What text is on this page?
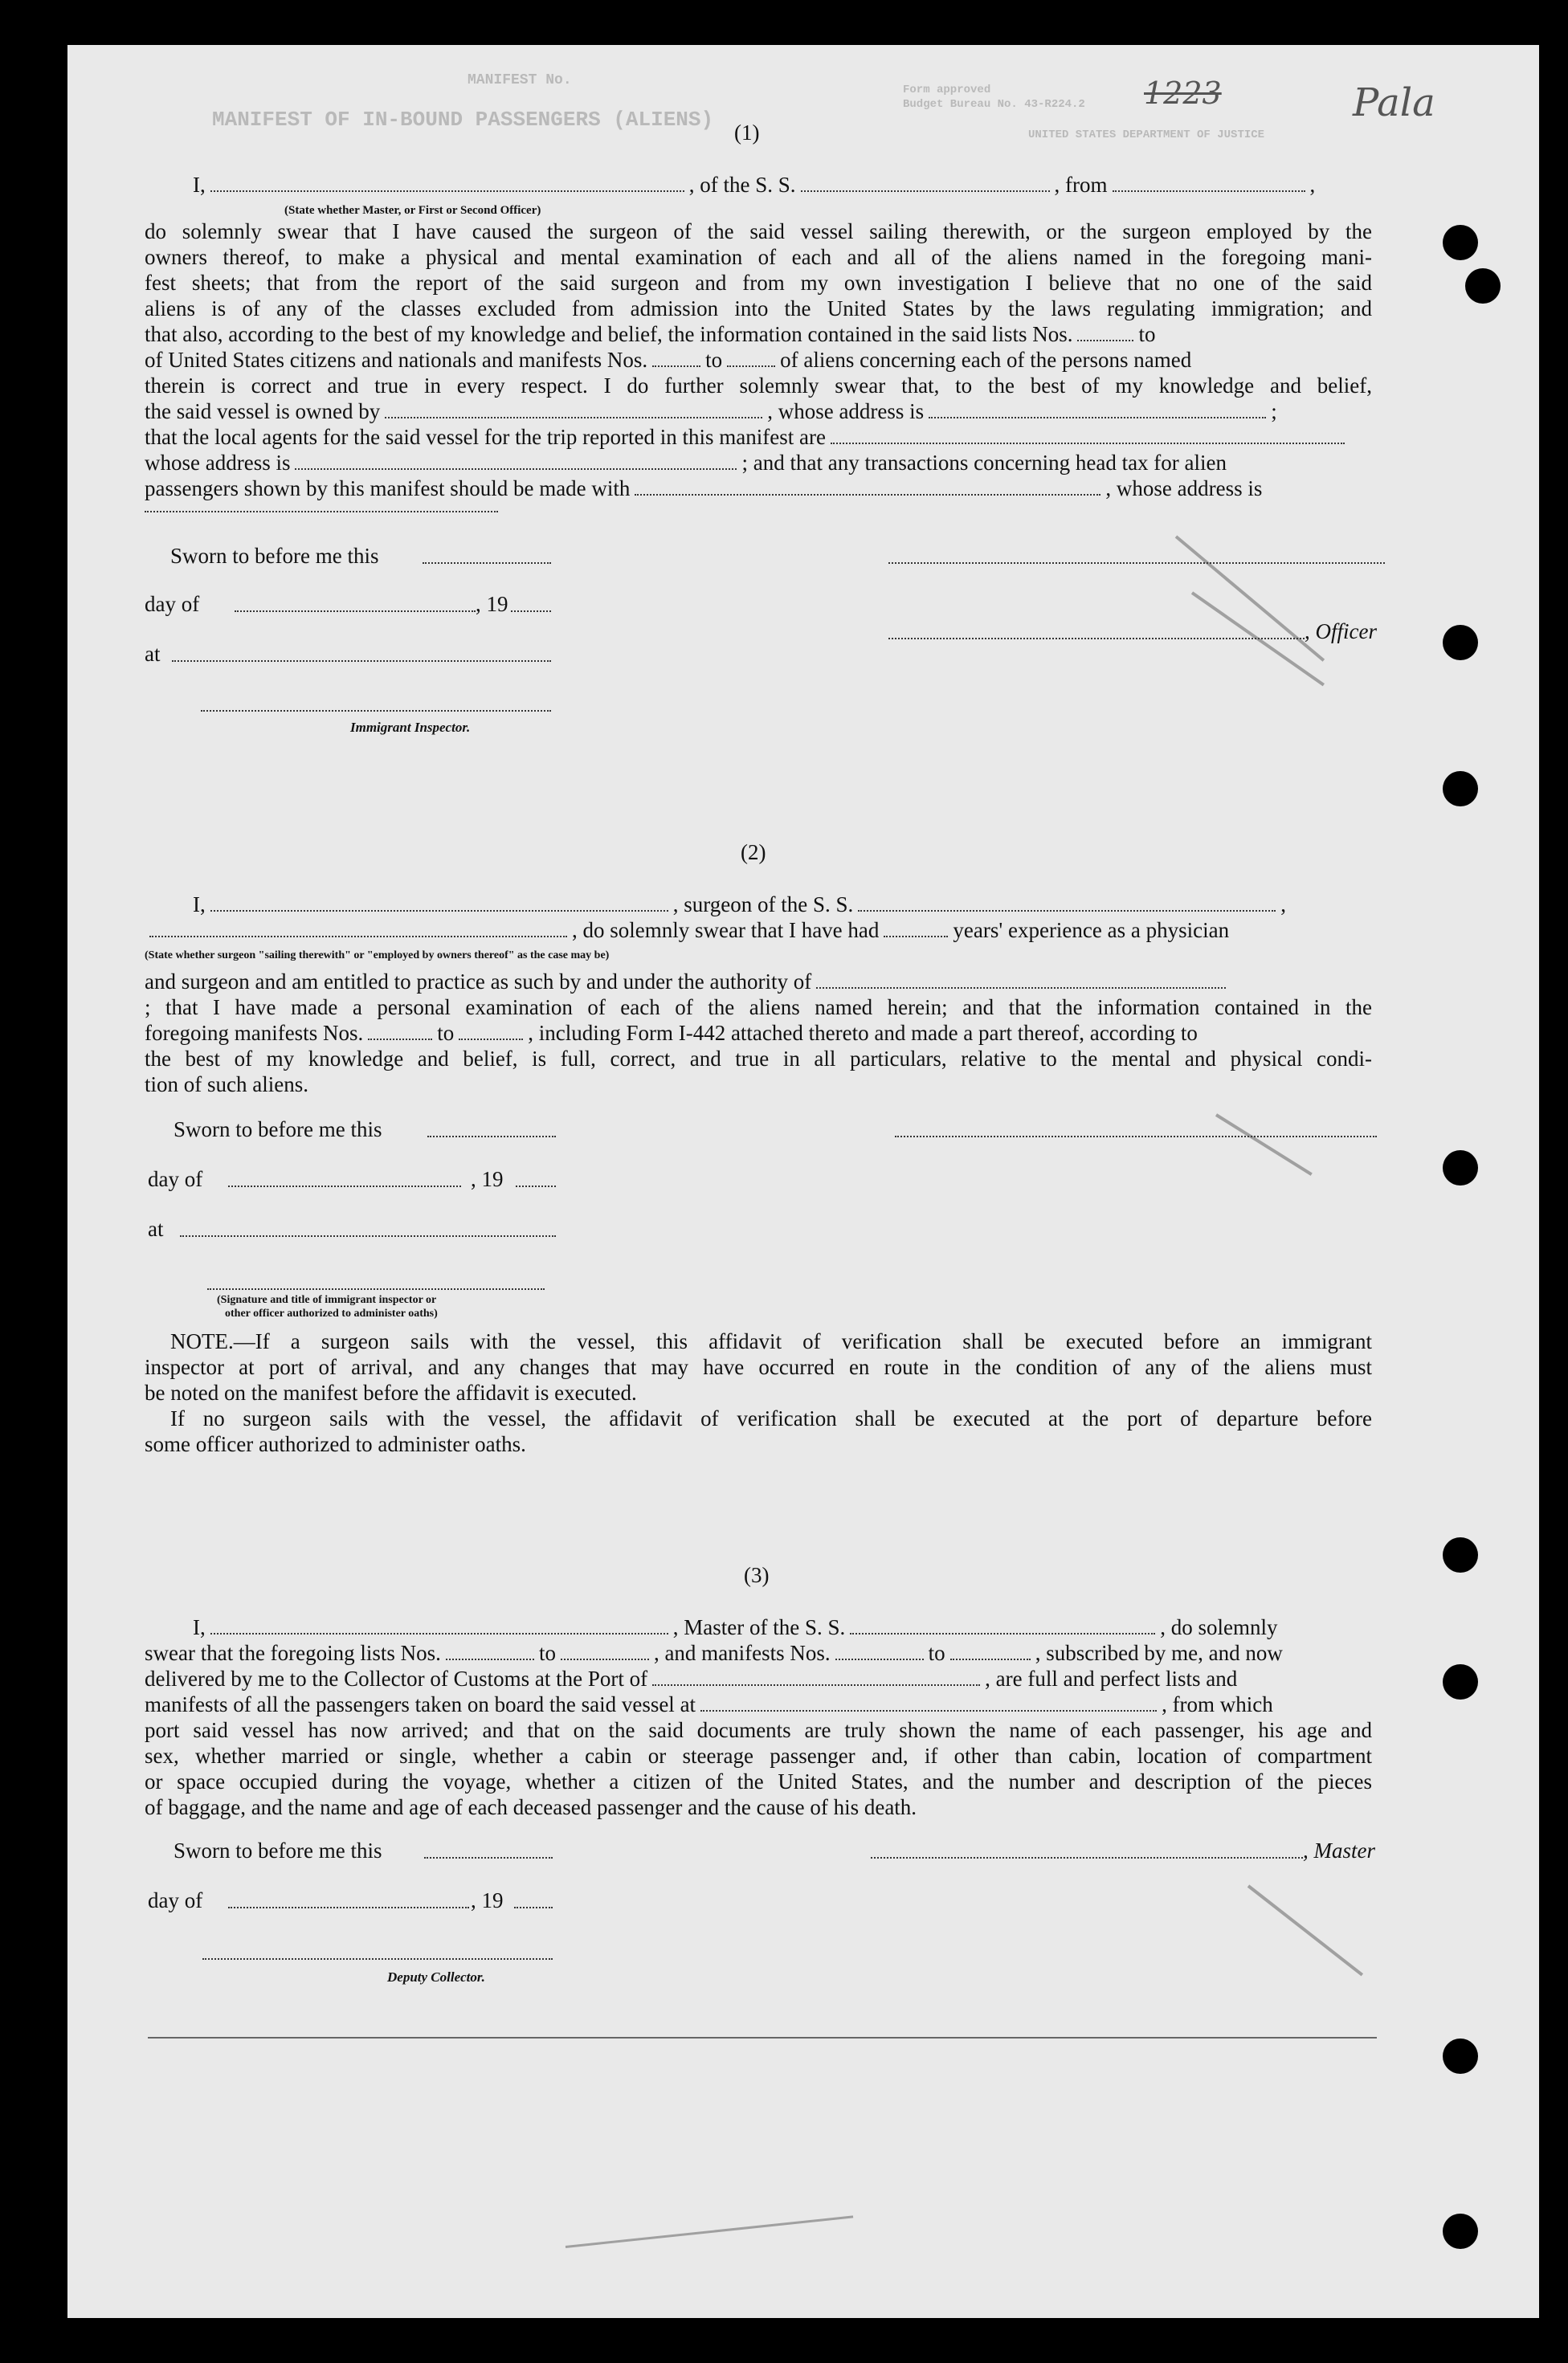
MANIFEST No.
MANIFEST OF IN-BOUND PASSENGERS (ALIENS)
Form approved
Budget Bureau No. 43-R224.2
UNITED STATES DEPARTMENT OF JUSTICE
1223	Pala
(1)
I,	, of the S. S.	, from	,
(State whether Master, or First or Second Officer)
do solemnly swear that I have caused the surgeon of the said vessel sailing therewith, or the surgeon employed by the
owners thereof, to make a physical and mental examination of each and all of the aliens named in the foregoing mani-
fest sheets; that from the report of the said surgeon and from my own investigation I believe that no one of the said
aliens is of any of the classes excluded from admission into the United States by the laws regulating immigration; and
that also, according to the best of my knowledge and belief, the information contained in the said lists Nos.	to
of United States citizens and nationals and manifests Nos.	to	of aliens concerning each of the persons named
therein is correct and true in every respect. I do further solemnly swear that, to the best of my knowledge and belief,
the said vessel is owned by	, whose address is	;
that the local agents for the said vessel for the trip reported in this manifest are
whose address is	; and that any transactions concerning head tax for alien
passengers shown by this manifest should be made with	, whose address is
Sworn to before me this
day of	, 19
, Officer
at
Immigrant Inspector.
(2)
I,	, surgeon of the S. S.	,
, do solemnly swear that I have had	years' experience as a physician
(State whether surgeon "sailing therewith" or "employed by owners thereof" as the case may be)
and surgeon and am entitled to practice as such by and under the authority of
; that I have made a personal examination of each of the aliens named herein; and that the information contained in the
foregoing manifests Nos.	to	, including Form I-442 attached thereto and made a part thereof, according to
the best of my knowledge and belief, is full, correct, and true in all particulars, relative to the mental and physical condi-
tion of such aliens.
Sworn to before me this
day of	, 19
at
(Signature and title of immigrant inspector or
other officer authorized to administer oaths)
NOTE.—If a surgeon sails with the vessel, this affidavit of verification shall be executed before an immigrant
inspector at port of arrival, and any changes that may have occurred en route in the condition of any of the aliens must
be noted on the manifest before the affidavit is executed.
If no surgeon sails with the vessel, the affidavit of verification shall be executed at the port of departure before
some officer authorized to administer oaths.
(3)
I,	, Master of the S. S.	, do solemnly
swear that the foregoing lists Nos.	to	, and manifests Nos.	to	, subscribed by me, and now
delivered by me to the Collector of Customs at the Port of	, are full and perfect lists and
manifests of all the passengers taken on board the said vessel at	, from which
port said vessel has now arrived; and that on the said documents are truly shown the name of each passenger, his age and
sex, whether married or single, whether a cabin or steerage passenger and, if other than cabin, location of compartment
or space occupied during the voyage, whether a citizen of the United States, and the number and description of the pieces
of baggage, and the name and age of each deceased passenger and the cause of his death.
Sworn to before me this	, Master
day of	, 19
Deputy Collector.
